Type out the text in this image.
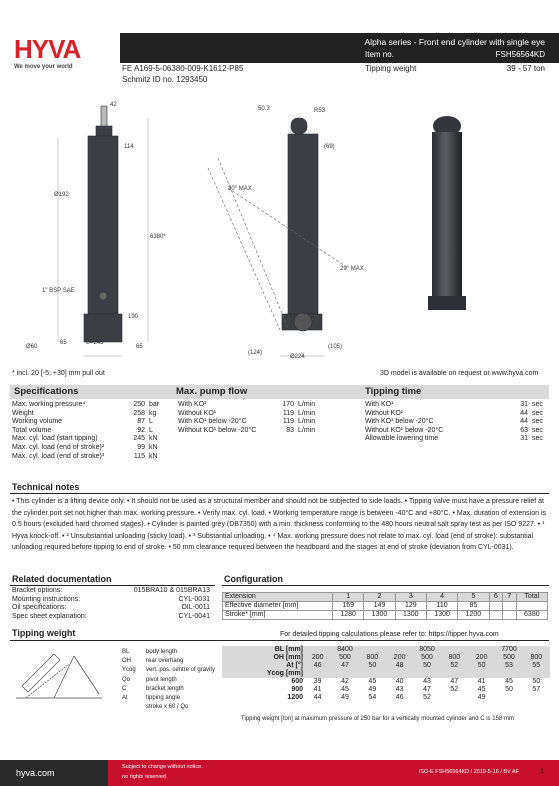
HYVA
We move your world
Alpha series - Front end cylinder with single eye
Item no.	FSH56564KD
FE A169-5-06380-009-K1612-P85
Schmitz ID no. 1293450
Tipping weight	39 - 57 ton
42
50.3	R53
114	(69)
Ø192
6380*
30° MAX
29° MAX
1" BSP SAE
190
B=245
65
Ø60	65
(124)
Ø224
(105)
* incl. 20 [-5; +30] mm pull out	3D model is available on request or www.hyva.com
Specifications	Max. pump flow	Tipping time
Max. working pressure⁴	250 bar
Weight	258 kg
Working volume	87 L
Total volume	92 L
Max. cyl. load (start tipping)	245 kN
Max. cyl. load (end of stroke)²	99 kN
Max. cyl. load (end of stroke)³	115 kN
With KO¹	170 L/min
Without KO¹	119 L/min
With KO¹ below -20°C	119 L/min
Without KO¹ below -20°C	83 L/min
With KO¹	31 sec
Without KO¹	44 sec
With KO¹ below -20°C	44 sec
Without KO¹ below -20°C	63 sec
Allowable lowering time	31 sec
Technical notes
• This cylinder is a lifting device only. • It should not be used as a structural member and should not be subjected to side loads. • Tipping valve must have a pressure relief at the cylinder port set not higher than max. working pressure. • Verify max. cyl. load. • Working temperature range is between -40°C and +80°C. • Max. duration of extension is 0.5 hours (excluded hard chromed stages). • Cylinder is painted grey (DB7350) with a min. thickness conforming to the 480 hours neutral salt spray test as per ISO 9227. • ¹ Hyva knock-off. • ² Unsubstantial unloading (sticky load). • ³ Substantial unloading. • ⁴ Max. working pressure does not relate to max. cyl. load (end of stroke): substantial unloading required before tipping to end of stroke. • 50 mm clearance required between the headboard and the stages at end of stroke (deviation from CYL-0031).
Related documentation
Bracket options:	015BRA10 & 015BRA13
Mounting instructions:	CYL-0031
Oil specifications:	OIL-0011
Spec sheet explanation:	CYL-0041
Configuration
Extension	1	2	3	4	5	6	7	Total
Effective diameter [mm]	169	149	129	110	85			
Stroke* [mm]	1280	1300	1300	1300	1200			6380
Tipping weight	For detailed tipping calculations please refer to: https://tipper.hyva.com
BL	body length
OH	rear overhang
Ycog vert. pos. centre of gravity
Qo	pivot length
C	bracket length
At	tipping angle
stroke x 60 / Qo
BL [mm]	8400			8050			7700		
OH [mm]	200	500	800	200	500	800	200	500	800
At [°]	46	47	50	48	50	52	50	53	55
Ycog [mm]									
600	39	42	45	40	43	47	41	45	50
900	41	45	49	43	47	52	45	50	57
1200	44	49	54	46	52		49		
Tipping weight [ton] at maximum pressure of 250 bar for a vertically mounted cylinder and C is 158 mm
hyva.com
Subject to change without notice.
no rights reserved
ISO-E FSH56564KD / 2019-5-16 / BV AF	1
